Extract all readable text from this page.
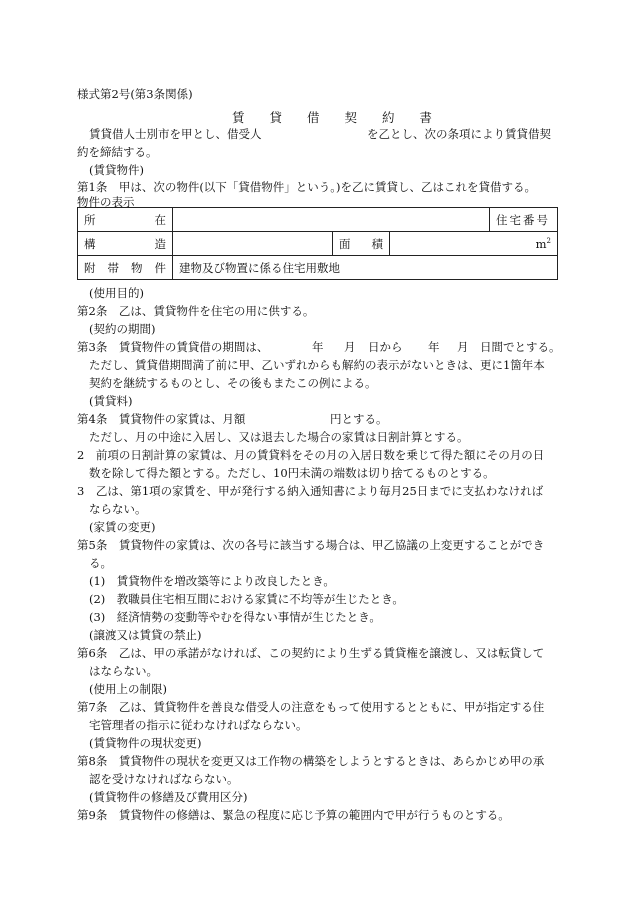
様式第2号(第3条関係)
賃 貸 借 契 約 書
賃貸借人士別市を甲とし、借受人	を乙とし、次の条項により賃貸借契
約を締結する。
(賃貸物件)
第1条　甲は、次の物件(以下「貸借物件」という。)を乙に賃貸し、乙はこれを貸借する。
物件の表示
所 在				住宅番号

構 造		面 積	$m^2$

附 帯 物 件	建物及び物置に係る住宅用敷地			
(使用目的)
第2条　乙は、賃貸物件を住宅の用に供する。
(契約の期間)
第3条　賃貸物件の賃貸借の期間は、	年 月 日から 年 月 日間でとする。
ただし、賃貸借期間満了前に甲、乙いずれからも解約の表示がないときは、更に1箇年本
契約を継続するものとし、その後もまたこの例による。
(賃貸料)
第4条　賃貸物件の家賃は、月額	円とする。
ただし、月の中途に入居し、又は退去した場合の家賃は日割計算とする。
2　前項の日割計算の家賃は、月の賃貸料をその月の入居日数を乗じて得た額にその月の日
数を除して得た額とする。ただし、10円未満の端数は切り捨てるものとする。
3　乙は、第1項の家賃を、甲が発行する納入通知書により毎月25日までに支払わなければ
ならない。
(家賃の変更)
第5条　賃貸物件の家賃は、次の各号に該当する場合は、甲乙協議の上変更することができ
る。
(1)　賃貸物件を増改築等により改良したとき。
(2)　教職員住宅相互間における家賃に不均等が生じたとき。
(3)　経済情勢の変動等やむを得ない事情が生じたとき。
(譲渡又は賃貸の禁止)
第6条　乙は、甲の承諾がなければ、この契約により生ずる賃貸権を譲渡し、又は転貸して
はならない。
(使用上の制限)
第7条　乙は、賃貸物件を善良な借受人の注意をもって使用するとともに、甲が指定する住
宅管理者の指示に従わなければならない。
(賃貸物件の現状変更)
第8条　賃貸物件の現状を変更又は工作物の構築をしようとするときは、あらかじめ甲の承
認を受けなければならない。
(賃貸物件の修繕及び費用区分)
第9条　賃貸物件の修繕は、緊急の程度に応じ予算の範囲内で甲が行うものとする。
